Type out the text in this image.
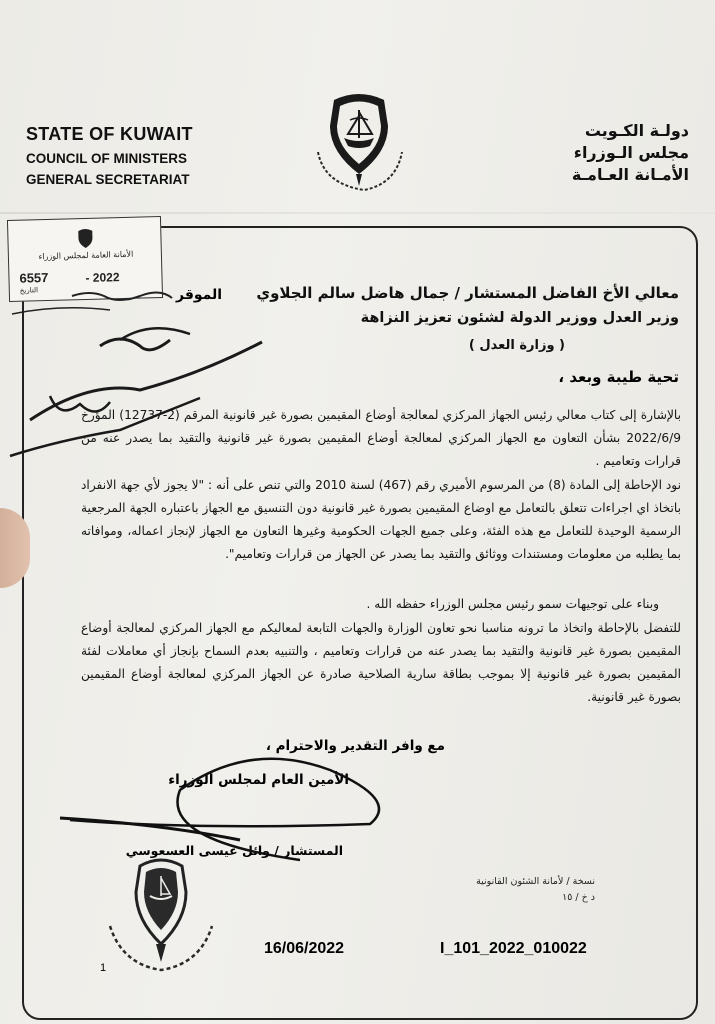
STATE OF KUWAIT
COUNCIL OF MINISTERS
GENERAL SECRETARIAT
دولـة الكـويت
مجلس الـوزراء
الأمـانة العـامـة
الأمانة العامة لمجلس الوزراء
6557	- 2022
التاريخ	الموقر	معالي الأخ الفاضل المستشار / جمال هاضل سالم الجلاوي
وزير العدل ووزير الدولة لشئون تعزيز النزاهة
( وزارة العدل )
تحية طيبة وبعد ،
بالإشارة إلى كتاب معالي رئيس الجهاز المركزي لمعالجة أوضاع المقيمين بصورة غير قانونية المرقم (2-12737) المؤرخ 2022/6/9 بشأن التعاون مع الجهاز المركزي لمعالجة أوضاع المقيمين بصورة غير قانونية والتقيد بما يصدر عنه من قرارات وتعاميم .
نود الإحاطة إلى المادة (8) من المرسوم الأميري رقم (467) لسنة 2010 والتي تنص على أنه : "لا يجوز لأي جهة الانفراد باتخاذ اي اجراءات تتعلق بالتعامل مع اوضاع المقيمين بصورة غير قانونية دون التنسيق مع الجهاز باعتباره الجهة المرجعية الرسمية الوحيدة للتعامل مع هذه الفئة، وعلى جميع الجهات الحكومية وغيرها التعاون مع الجهاز لإنجاز اعماله، وموافاته بما يطلبه من معلومات ومستندات ووثائق والتقيد بما يصدر عن الجهاز من قرارات وتعاميم".
وبناء على توجيهات سمو رئيس مجلس الوزراء حفظه الله .
للتفضل بالإحاطة واتخاذ ما ترونه مناسبا نحو تعاون الوزارة والجهات التابعة لمعاليكم مع الجهاز المركزي لمعالجة أوضاع المقيمين بصورة غير قانونية والتقيد بما يصدر عنه من قرارات وتعاميم ، والتنبيه بعدم السماح بإنجاز أي معاملات لفئة المقيمين بصورة غير قانونية إلا بموجب بطاقة سارية الصلاحية صادرة عن الجهاز المركزي لمعالجة أوضاع المقيمين بصورة غير قانونية.
مع وافر التقدير والاحترام ،
الأمين العام لمجلس الوزراء
المستشار / وائل عيسى العسعوسي
نسخة / لأمانة الشئون القانونية
د خ / ١٥
16/06/2022	I_101_2022_010022
1
